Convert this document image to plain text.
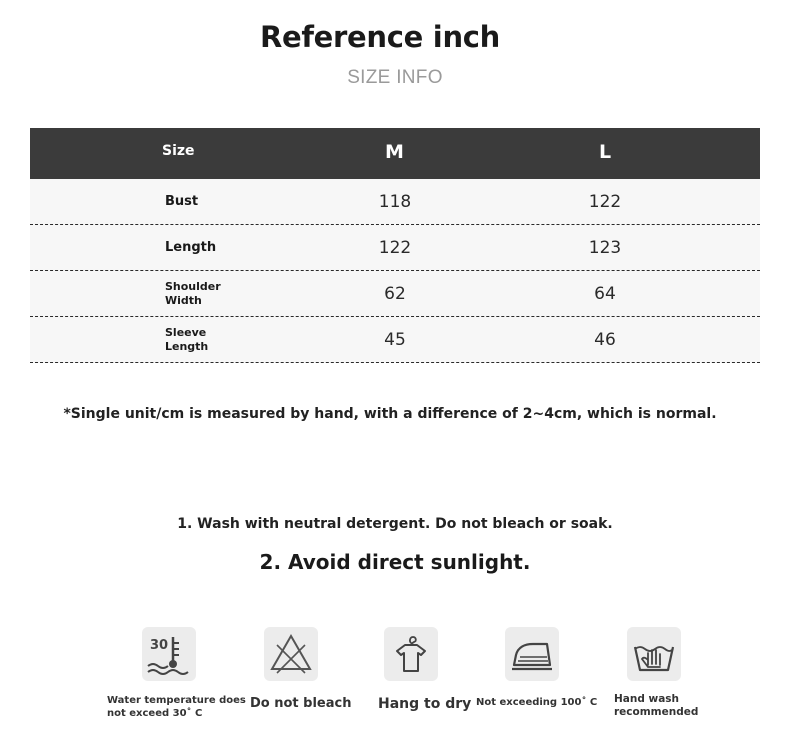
Reference inch
SIZE INFO
Size	M	L
Bust	118	122
Length	122	123
Shoulder
Width	62	64
Sleeve
Length	45	46
*Single unit/cm is measured by hand, with a difference of 2~4cm, which is normal.
1. Wash with neutral detergent. Do not bleach or soak.
2. Avoid direct sunlight.
30
Water temperature does
not exceed 30˚ C
Do not bleach Hang to dry Not exceeding 100˚ C Hand wash
recommended
